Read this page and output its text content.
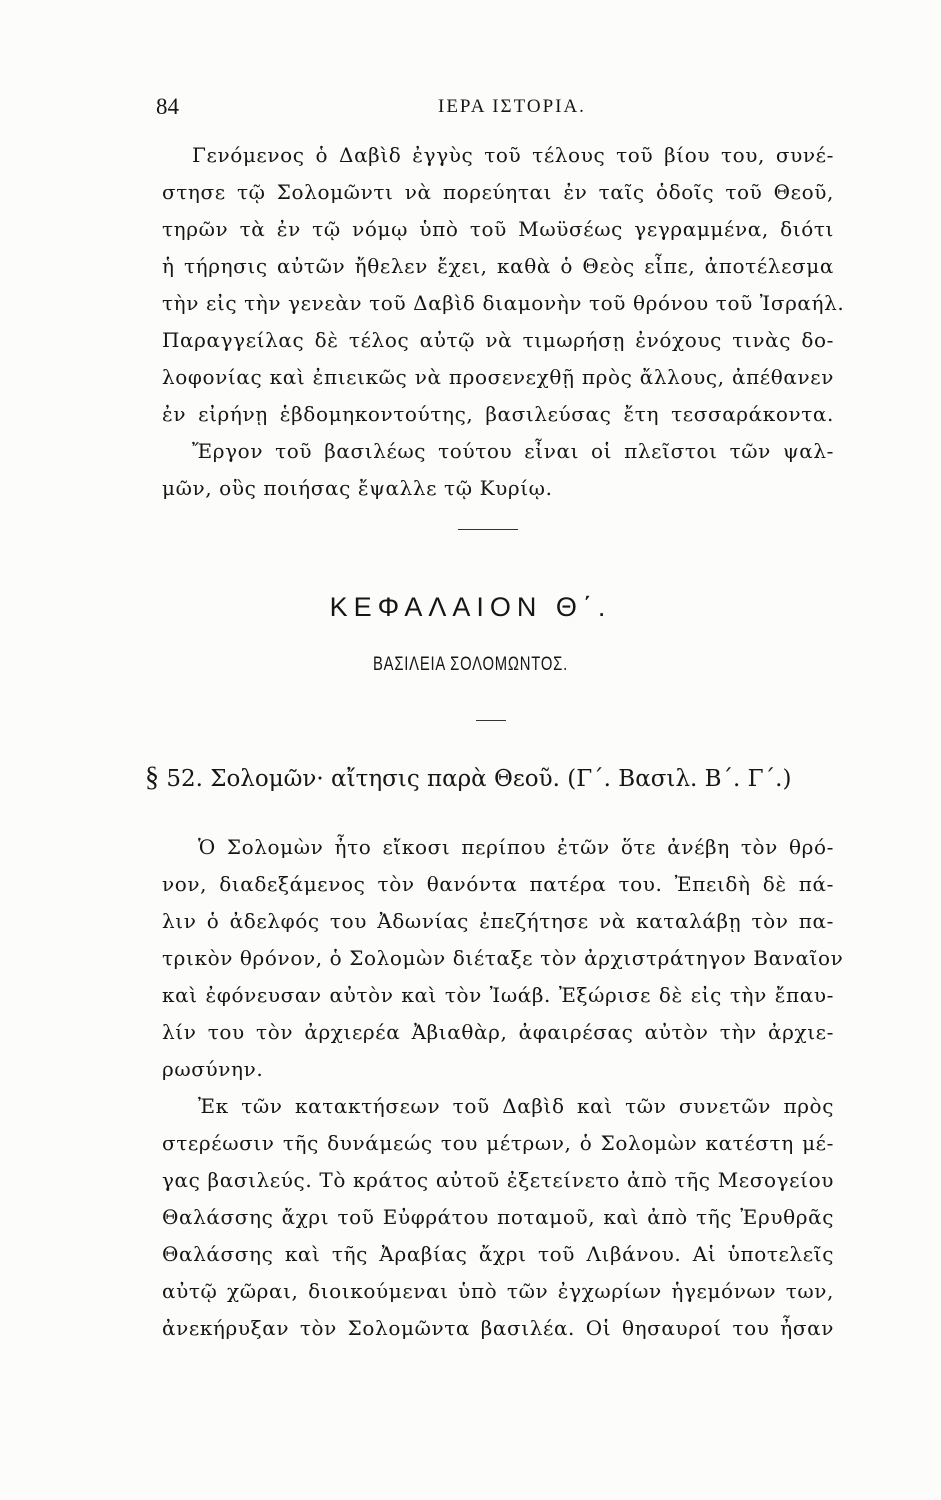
84	ΙΕΡΑ ΙΣΤΟΡΙΑ.
Γενόμενος ὁ Δαβὶδ ἐγγὺς τοῦ τέλους τοῦ βίου του, συνέ-
στησε τῷ Σολομῶντι νὰ πορεύηται ἐν ταῖς ὁδοῖς τοῦ Θεοῦ,
τηρῶν τὰ ἐν τῷ νόμῳ ὑπὸ τοῦ Μωϋσέως γεγραμμένα, διότι
ἡ τήρησις αὐτῶν ἤθελεν ἔχει, καθὰ ὁ Θεὸς εἶπε, ἀποτέλεσμα
τὴν εἰς τὴν γενεὰν τοῦ Δαβὶδ διαμονὴν τοῦ θρόνου τοῦ Ἰσραήλ.
Παραγγείλας δὲ τέλος αὐτῷ νὰ τιμωρήσῃ ἐνόχους τινὰς δο-
λοφονίας καὶ ἐπιεικῶς νὰ προσενεχθῇ πρὸς ἄλλους, ἀπέθανεν
ἐν εἰρήνῃ ἑβδομηκοντούτης, βασιλεύσας ἔτη τεσσαράκοντα.
Ἔργον τοῦ βασιλέως τούτου εἶναι οἱ πλεῖστοι τῶν ψαλ-
μῶν, οὓς ποιήσας ἔψαλλε τῷ Κυρίῳ.
ΚΕΦΑΛΑΙΟΝ Θ΄.
ΒΑΣΙΛΕΙΑ ΣΟΛΟΜΩΝΤΟΣ.
§ 52. Σολομῶν· αἴτησις παρὰ Θεοῦ. (Γ΄. Βασιλ. Β΄. Γ΄.)
Ὁ Σολομὼν ἦτο εἴκοσι περίπου ἐτῶν ὅτε ἀνέβη τὸν θρό-
νον, διαδεξάμενος τὸν θανόντα πατέρα του. Ἐπειδὴ δὲ πά-
λιν ὁ ἀδελφός του Ἀδωνίας ἐπεζήτησε νὰ καταλάβῃ τὸν πα-
τρικὸν θρόνον, ὁ Σολομὼν διέταξε τὸν ἀρχιστράτηγον Βαναῖον
καὶ ἐφόνευσαν αὐτὸν καὶ τὸν Ἰωάβ. Ἐξώρισε δὲ εἰς τὴν ἔπαυ-
λίν του τὸν ἀρχιερέα Ἀβιαθὰρ, ἀφαιρέσας αὐτὸν τὴν ἀρχιε-
ρωσύνην.
Ἐκ τῶν κατακτήσεων τοῦ Δαβὶδ καὶ τῶν συνετῶν πρὸς
στερέωσιν τῆς δυνάμεώς του μέτρων, ὁ Σολομὼν κατέστη μέ-
γας βασιλεύς. Τὸ κράτος αὐτοῦ ἐξετείνετο ἀπὸ τῆς Μεσογείου
Θαλάσσης ἄχρι τοῦ Εὐφράτου ποταμοῦ, καὶ ἀπὸ τῆς Ἐρυθρᾶς
Θαλάσσης καὶ τῆς Ἀραβίας ἄχρι τοῦ Λιβάνου. Αἱ ὑποτελεῖς
αὐτῷ χῶραι, διοικούμεναι ὑπὸ τῶν ἐγχωρίων ἡγεμόνων των,
ἀνεκήρυξαν τὸν Σολομῶντα βασιλέα. Οἱ θησαυροί του ἦσαν
